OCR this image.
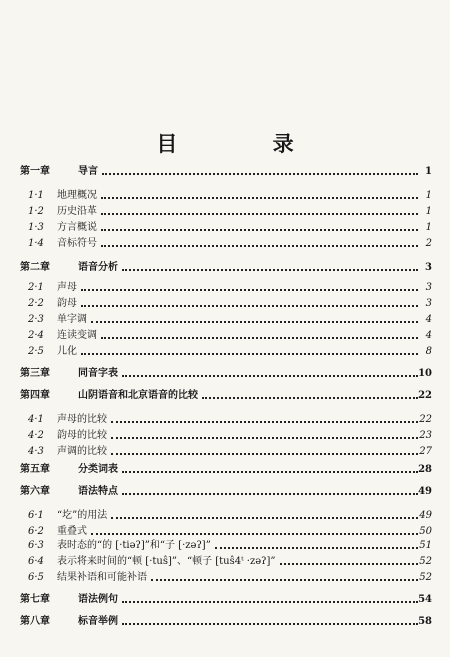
目 录
第一章	导言	1
1·1 地理概况	1
1·2 历史沿革	1
1·3 方言概说	1
1·4 音标符号	2
第二章	语音分析	3
2·1 声母	3
2·2 韵母	3
2·3 单字调	4
2·4 连读变调	4
2·5 儿化	8
第三章	同音字表	10
第四章	山阴语音和北京语音的比较	22
4·1 声母的比较	22
4·2 韵母的比较	23
4·3 声调的比较	27
第五章	分类词表	28
第六章	语法特点	49
6·1 “圪”的用法	49
6·2 重叠式	50
6·3 表时态的“的 [·tiəʔ]”和“子 [·zəʔ]”	51
6·4 表示将来时间的“顿 [·tuŝ]”、“顿子 [tuŝ4ᵗ ·zəʔ]”	52
6·5 结果补语和可能补语	52
第七章	语法例句	54
第八章	标音举例	58
